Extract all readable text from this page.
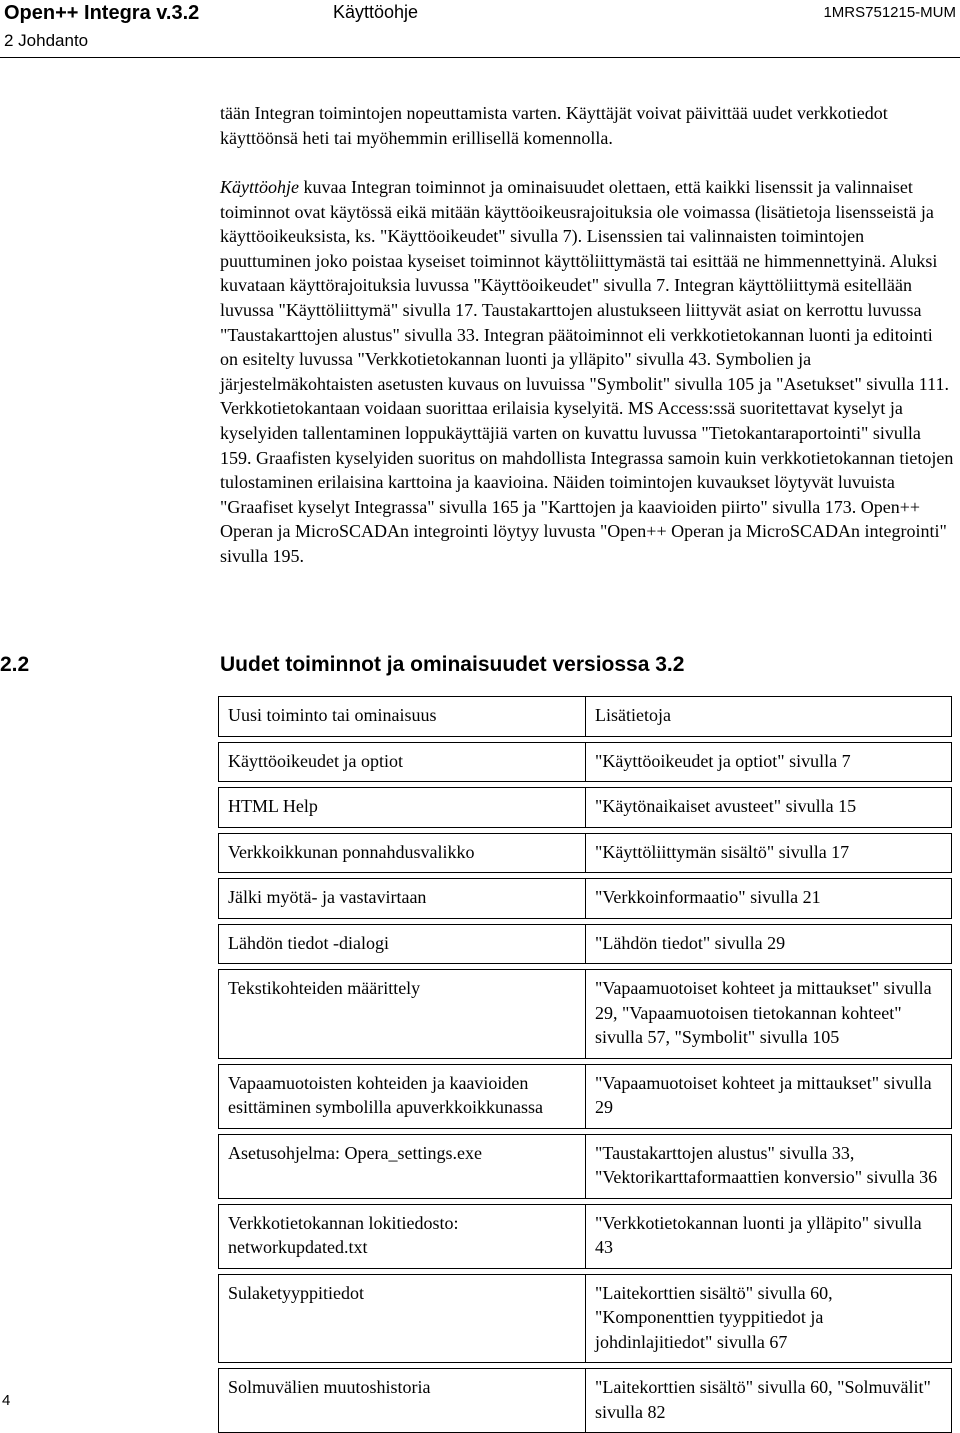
Open++ Integra v.3.2
2 Johdanto
Käyttöohje	1MRS751215-MUM

tään Integran toimintojen nopeuttamista varten. Käyttäjät voivat päivittää uudet verkkotiedot käyttöönsä heti tai myöhemmin erillisellä komennolla.

Käyttöohje kuvaa Integran toiminnot ja ominaisuudet olettaen, että kaikki lisenssit ja valinnaiset toiminnot ovat käytössä eikä mitään käyttöoikeusrajoituksia ole voimassa (lisätietoja lisensseistä ja käyttöoikeuksista, ks. "Käyttöoikeudet" sivulla 7). Lisenssien tai valinnaisten toimintojen puuttuminen joko poistaa kyseiset toiminnot käyttöliittymästä tai esittää ne himmennettyinä. Aluksi kuvataan käyttörajoituksia luvussa "Käyttöoikeudet" sivulla 7. Integran käyttöliittymä esitellään luvussa "Käyttöliittymä" sivulla 17. Taustakarttojen alustukseen liittyvät asiat on kerrottu luvussa "Taustakarttojen alustus" sivulla 33. Integran päätoiminnot eli verkkotietokannan luonti ja editointi on esitelty luvussa "Verkkotietokannan luonti ja ylläpito" sivulla 43. Symbolien ja järjestelmäkohtaisten asetusten kuvaus on luvuissa "Symbolit" sivulla 105 ja "Asetukset" sivulla 111. Verkkotietokantaan voidaan suorittaa erilaisia kyselyitä. MS Access:ssä suoritettavat kyselyt ja kyselyiden tallentaminen loppukäyttäjiä varten on kuvattu luvussa "Tietokantaraportointi" sivulla 159. Graafisten kyselyiden suoritus on mahdollista Integrassa samoin kuin verkkotietokannan tietojen tulostaminen erilaisina karttoina ja kaavioina. Näiden toimintojen kuvaukset löytyvät luvuista "Graafiset kyselyt Integrassa" sivulla 165 ja "Karttojen ja kaavioiden piirto" sivulla 173. Open++ Operan ja MicroSCADAn integrointi löytyy luvusta "Open++ Operan ja MicroSCADAn integrointi" sivulla 195.

2.2	Uudet toiminnot ja ominaisuudet versiossa 3.2
Uusi toiminto tai ominaisuus	Lisätietoja

Käyttöoikeudet ja optiot	"Käyttöoikeudet ja optiot" sivulla 7

HTML Help	"Käytönaikaiset avusteet" sivulla 15

Verkkoikkunan ponnahdusvalikko	"Käyttöliittymän sisältö" sivulla 17

Jälki myötä- ja vastavirtaan	"Verkkoinformaatio" sivulla 21

Lähdön tiedot -dialogi	"Lähdön tiedot" sivulla 29

Tekstikohteiden määrittely	"Vapaamuotoiset kohteet ja mittaukset" sivulla 29, "Vapaamuotoisen tietokannan kohteet" sivulla 57, "Symbolit" sivulla 105

Vapaamuotoisten kohteiden ja kaavioiden esittäminen symbolilla apuverkkoikkunassa	"Vapaamuotoiset kohteet ja mittaukset" sivulla 29

Asetusohjelma: Opera_settings.exe	"Taustakarttojen alustus" sivulla 33, "Vektorikarttaformaattien konversio" sivulla 36

Verkkotietokannan lokitiedosto: networkupdated.txt	"Verkkotietokannan luonti ja ylläpito" sivulla 43

Sulaketyyppitiedot	"Laitekorttien sisältö" sivulla 60, "Komponenttien tyyppitiedot ja johdinlajitiedot" sivulla 67

Solmuvälien muutoshistoria	"Laitekorttien sisältö" sivulla 60, "Solmuvälit" sivulla 82
4
